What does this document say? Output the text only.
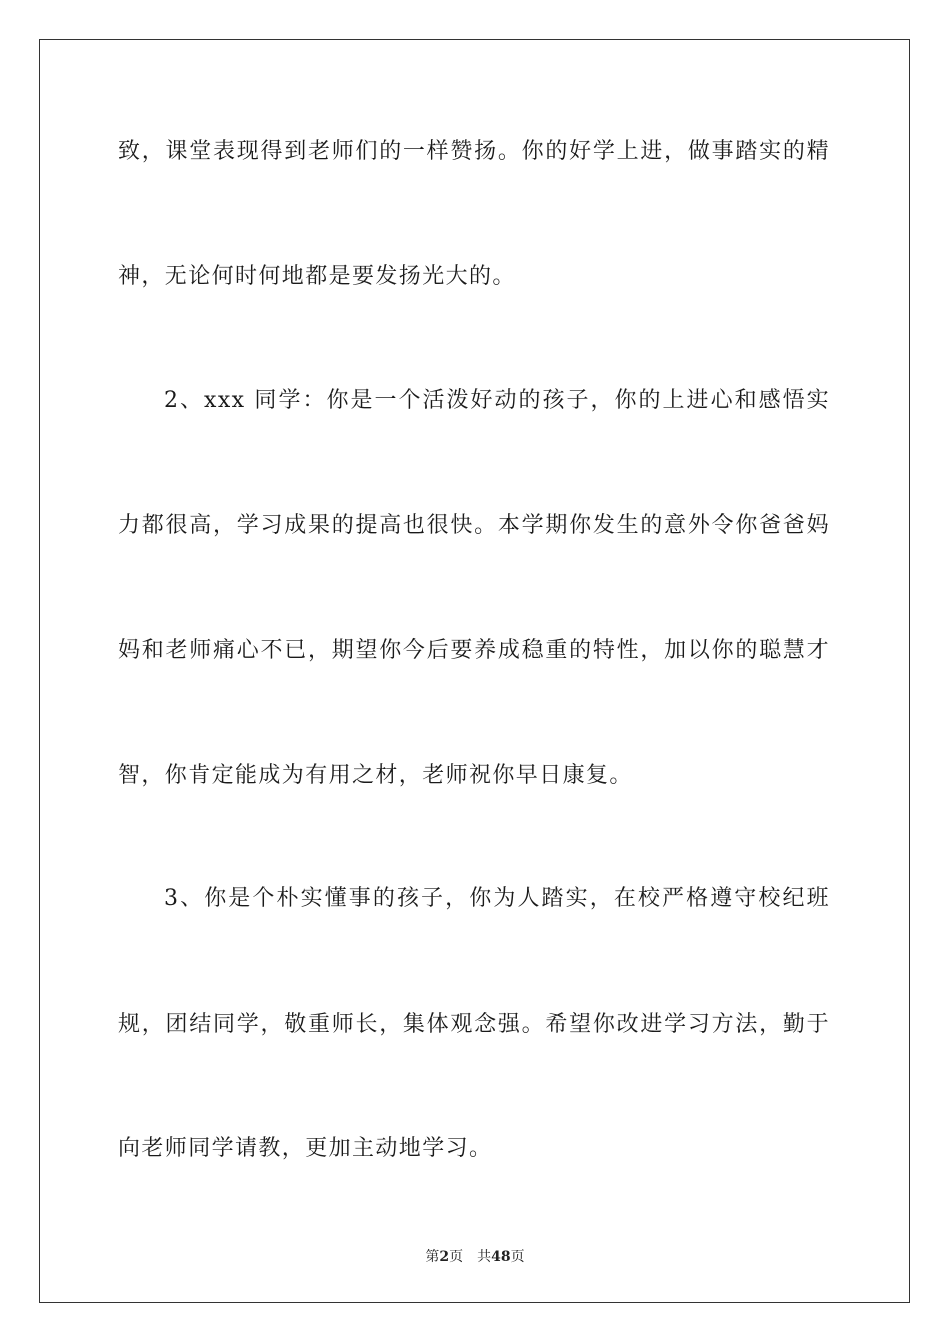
致，课堂表现得到老师们的一样赞扬。你的好学上进，做事踏实的精
神，无论何时何地都是要发扬光大的。
2、xxx 同学：你是一个活泼好动的孩子，你的上进心和感悟实
力都很高，学习成果的提高也很快。本学期你发生的意外令你爸爸妈
妈和老师痛心不已，期望你今后要养成稳重的特性，加以你的聪慧才
智，你肯定能成为有用之材，老师祝你早日康复。
3、你是个朴实懂事的孩子，你为人踏实，在校严格遵守校纪班
规，团结同学，敬重师长，集体观念强。希望你改进学习方法，勤于
向老师同学请教，更加主动地学习。
第2页 共48页
